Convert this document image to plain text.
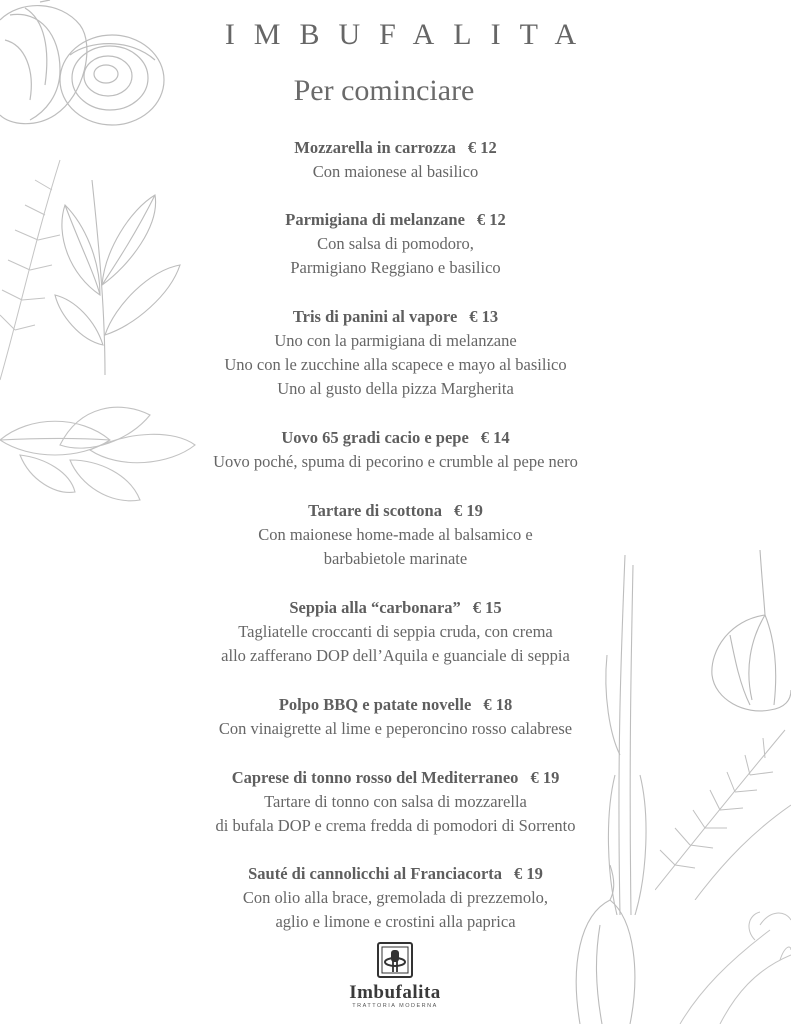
IMBUFALITA
Per cominciare
Mozzarella in carrozza € 12
Con maionese al basilico
Parmigiana di melanzane € 12
Con salsa di pomodoro,
Parmigiano Reggiano e basilico
Tris di panini al vapore € 13
Uno con la parmigiana di melanzane
Uno con le zucchine alla scapece e mayo al basilico
Uno al gusto della pizza Margherita
Uovo 65 gradi cacio e pepe € 14
Uovo poché, spuma di pecorino e crumble al pepe nero
Tartare di scottona € 19
Con maionese home-made al balsamico e
barbabietole marinate
Seppia alla “carbonara” € 15
Tagliatelle croccanti di seppia cruda, con crema
allo zafferano DOP dell’Aquila e guanciale di seppia
Polpo BBQ e patate novelle € 18
Con vinaigrette al lime e peperoncino rosso calabrese
Caprese di tonno rosso del Mediterraneo € 19
Tartare di tonno con salsa di mozzarella
di bufala DOP e crema fredda di pomodori di Sorrento
Sauté di cannolicchi al Franciacorta € 19
Con olio alla brace, gremolada di prezzemolo,
aglio e limone e crostini alla paprica
Imbufalita
TRATTORIA MODERNA
